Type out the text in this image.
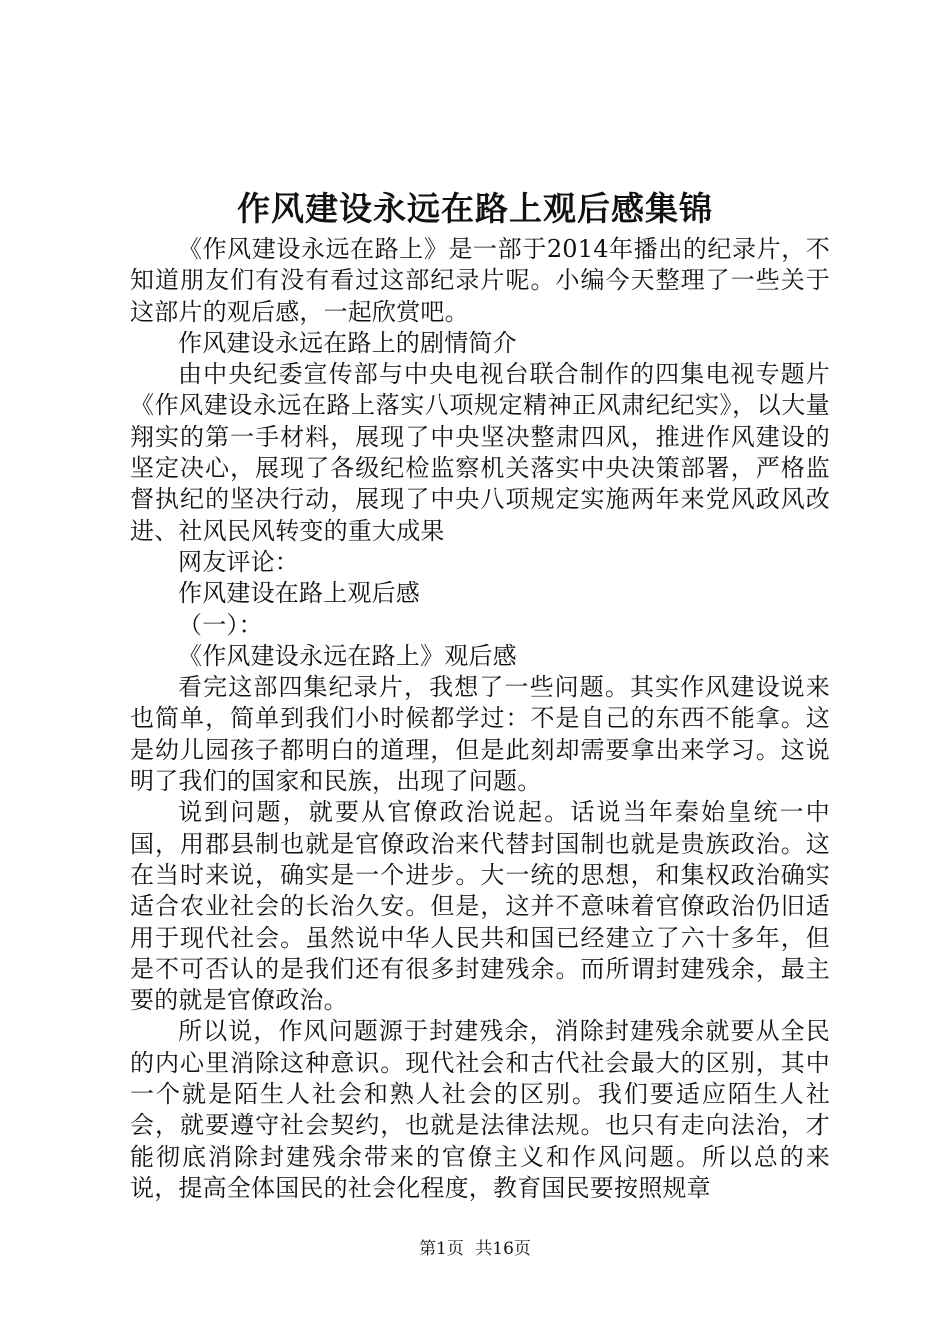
作风建设永远在路上观后感集锦

《作风建设永远在路上》是一部于2014年播出的纪录片，不知道朋友们有没有看过这部纪录片呢。小编今天整理了一些关于这部片的观后感，一起欣赏吧。

作风建设永远在路上的剧情简介

由中央纪委宣传部与中央电视台联合制作的四集电视专题片《作风建设永远在路上落实八项规定精神正风肃纪纪实》，以大量翔实的第一手材料，展现了中央坚决整肃四风，推进作风建设的坚定决心，展现了各级纪检监察机关落实中央决策部署，严格监督执纪的坚决行动，展现了中央八项规定实施两年来党风政风改进、社风民风转变的重大成果

网友评论：

作风建设在路上观后感

（一）：

《作风建设永远在路上》观后感

看完这部四集纪录片，我想了一些问题。其实作风建设说来也简单，简单到我们小时候都学过：不是自己的东西不能拿。这是幼儿园孩子都明白的道理，但是此刻却需要拿出来学习。这说明了我们的国家和民族，出现了问题。

说到问题，就要从官僚政治说起。话说当年秦始皇统一中国，用郡县制也就是官僚政治来代替封国制也就是贵族政治。这在当时来说，确实是一个进步。大一统的思想，和集权政治确实适合农业社会的长治久安。但是，这并不意味着官僚政治仍旧适用于现代社会。虽然说中华人民共和国已经建立了六十多年，但是不可否认的是我们还有很多封建残余。而所谓封建残余，最主要的就是官僚政治。

所以说，作风问题源于封建残余，消除封建残余就要从全民的内心里消除这种意识。现代社会和古代社会最大的区别，其中一个就是陌生人社会和熟人社会的区别。我们要适应陌生人社会，就要遵守社会契约，也就是法律法规。也只有走向法治，才能彻底消除封建残余带来的官僚主义和作风问题。所以总的来说，提高全体国民的社会化程度，教育国民要按照规章

第1页 共16页
